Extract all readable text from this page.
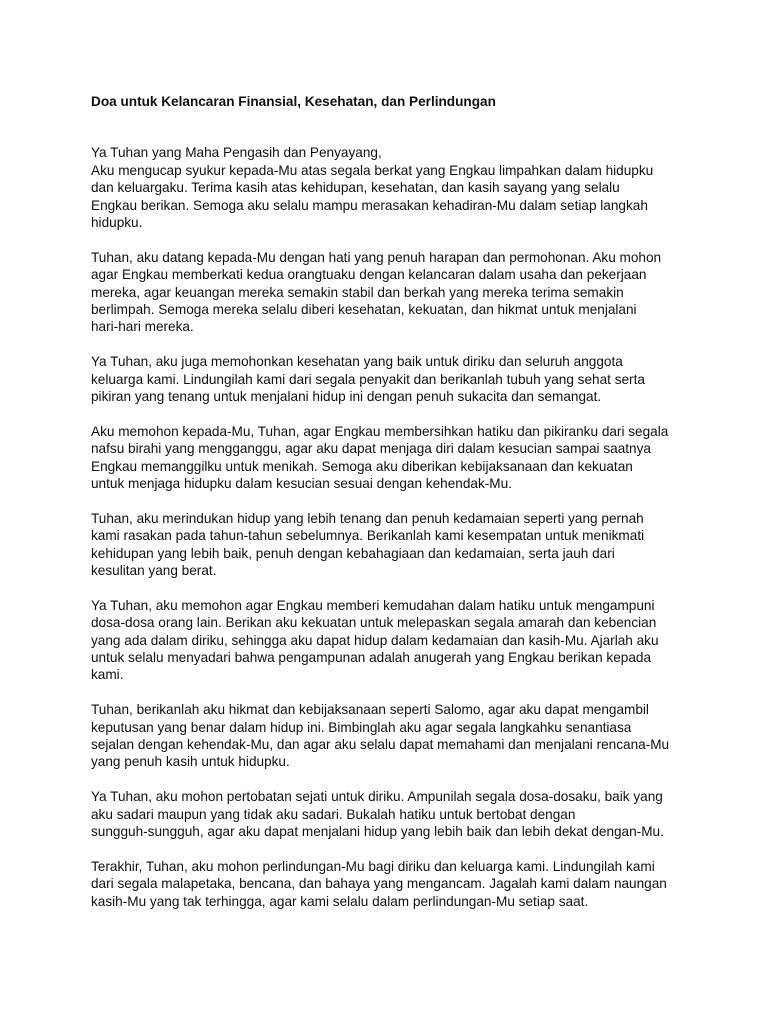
Doa untuk Kelancaran Finansial, Kesehatan, dan Perlindungan
Ya Tuhan yang Maha Pengasih dan Penyayang,
Aku mengucap syukur kepada-Mu atas segala berkat yang Engkau limpahkan dalam hidupku
dan keluargaku. Terima kasih atas kehidupan, kesehatan, dan kasih sayang yang selalu
Engkau berikan. Semoga aku selalu mampu merasakan kehadiran-Mu dalam setiap langkah
hidupku.
Tuhan, aku datang kepada-Mu dengan hati yang penuh harapan dan permohonan. Aku mohon
agar Engkau memberkati kedua orangtuaku dengan kelancaran dalam usaha dan pekerjaan
mereka, agar keuangan mereka semakin stabil dan berkah yang mereka terima semakin
berlimpah. Semoga mereka selalu diberi kesehatan, kekuatan, dan hikmat untuk menjalani
hari-hari mereka.
Ya Tuhan, aku juga memohonkan kesehatan yang baik untuk diriku dan seluruh anggota
keluarga kami. Lindungilah kami dari segala penyakit dan berikanlah tubuh yang sehat serta
pikiran yang tenang untuk menjalani hidup ini dengan penuh sukacita dan semangat.
Aku memohon kepada-Mu, Tuhan, agar Engkau membersihkan hatiku dan pikiranku dari segala
nafsu birahi yang mengganggu, agar aku dapat menjaga diri dalam kesucian sampai saatnya
Engkau memanggilku untuk menikah. Semoga aku diberikan kebijaksanaan dan kekuatan
untuk menjaga hidupku dalam kesucian sesuai dengan kehendak-Mu.
Tuhan, aku merindukan hidup yang lebih tenang dan penuh kedamaian seperti yang pernah
kami rasakan pada tahun-tahun sebelumnya. Berikanlah kami kesempatan untuk menikmati
kehidupan yang lebih baik, penuh dengan kebahagiaan dan kedamaian, serta jauh dari
kesulitan yang berat.
Ya Tuhan, aku memohon agar Engkau memberi kemudahan dalam hatiku untuk mengampuni
dosa-dosa orang lain. Berikan aku kekuatan untuk melepaskan segala amarah dan kebencian
yang ada dalam diriku, sehingga aku dapat hidup dalam kedamaian dan kasih-Mu. Ajarlah aku
untuk selalu menyadari bahwa pengampunan adalah anugerah yang Engkau berikan kepada
kami.
Tuhan, berikanlah aku hikmat dan kebijaksanaan seperti Salomo, agar aku dapat mengambil
keputusan yang benar dalam hidup ini. Bimbinglah aku agar segala langkahku senantiasa
sejalan dengan kehendak-Mu, dan agar aku selalu dapat memahami dan menjalani rencana-Mu
yang penuh kasih untuk hidupku.
Ya Tuhan, aku mohon pertobatan sejati untuk diriku. Ampunilah segala dosa-dosaku, baik yang
aku sadari maupun yang tidak aku sadari. Bukalah hatiku untuk bertobat dengan
sungguh-sungguh, agar aku dapat menjalani hidup yang lebih baik dan lebih dekat dengan-Mu.
Terakhir, Tuhan, aku mohon perlindungan-Mu bagi diriku dan keluarga kami. Lindungilah kami
dari segala malapetaka, bencana, dan bahaya yang mengancam. Jagalah kami dalam naungan
kasih-Mu yang tak terhingga, agar kami selalu dalam perlindungan-Mu setiap saat.
